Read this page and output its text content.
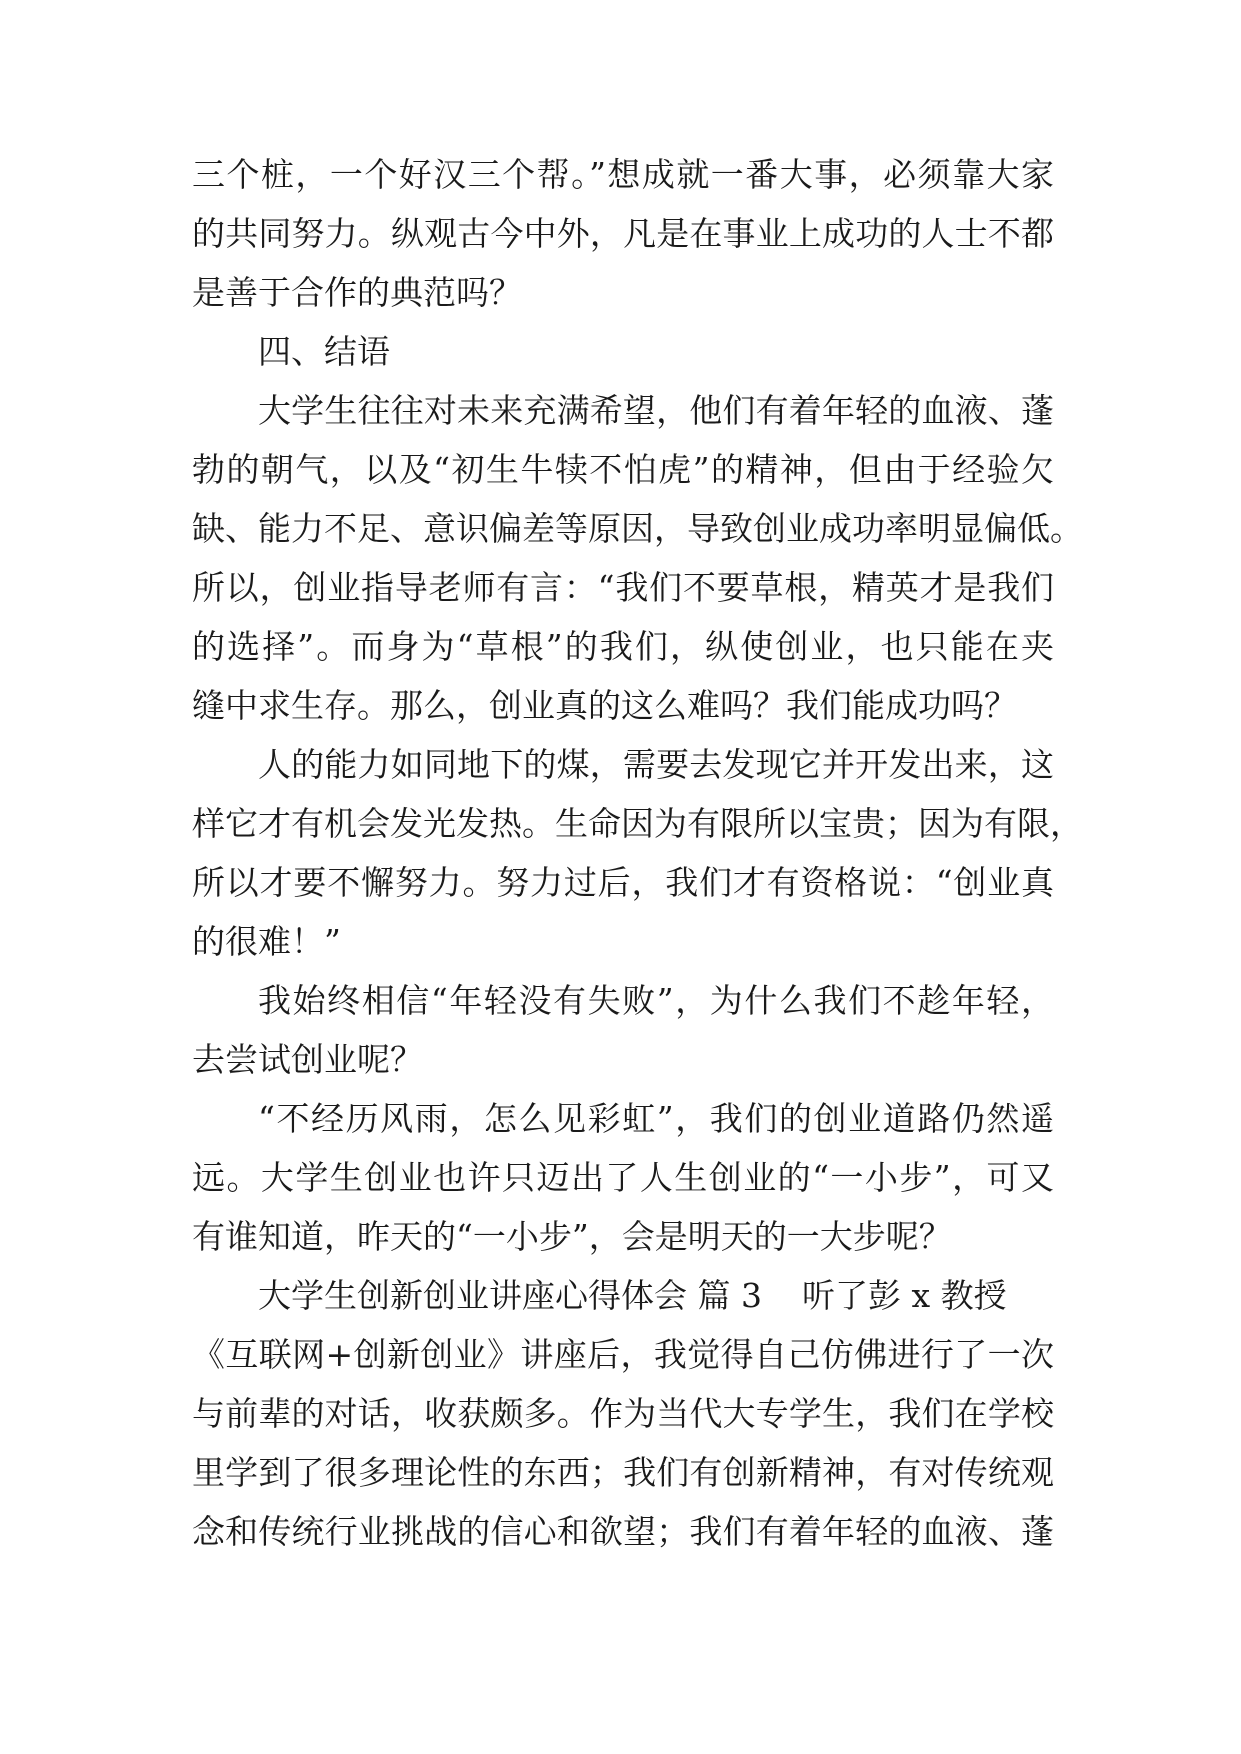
三个桩，一个好汉三个帮。”想成就一番大事，必须靠大家
的共同努力。纵观古今中外，凡是在事业上成功的人士不都
是善于合作的典范吗？
四、结语
大学生往往对未来充满希望，他们有着年轻的血液、蓬
勃的朝气，以及“初生牛犊不怕虎”的精神，但由于经验欠
缺、能力不足、意识偏差等原因，导致创业成功率明显偏低。
所以，创业指导老师有言：“我们不要草根，精英才是我们
的选择”。而身为“草根”的我们，纵使创业，也只能在夹
缝中求生存。那么，创业真的这么难吗？我们能成功吗？
人的能力如同地下的煤，需要去发现它并开发出来，这
样它才有机会发光发热。生命因为有限所以宝贵；因为有限，
所以才要不懈努力。努力过后，我们才有资格说：“创业真
的很难！”
我始终相信“年轻没有失败”，为什么我们不趁年轻，
去尝试创业呢？
“不经历风雨，怎么见彩虹”，我们的创业道路仍然遥
远。大学生创业也许只迈出了人生创业的“一小步”，可又
有谁知道，昨天的“一小步”，会是明天的一大步呢？
大学生创新创业讲座心得体会 篇 3 听了彭 x 教授
《互联网+创新创业》讲座后，我觉得自己仿佛进行了一次
与前辈的对话，收获颇多。作为当代大专学生，我们在学校
里学到了很多理论性的东西；我们有创新精神，有对传统观
念和传统行业挑战的信心和欲望；我们有着年轻的血液、蓬
